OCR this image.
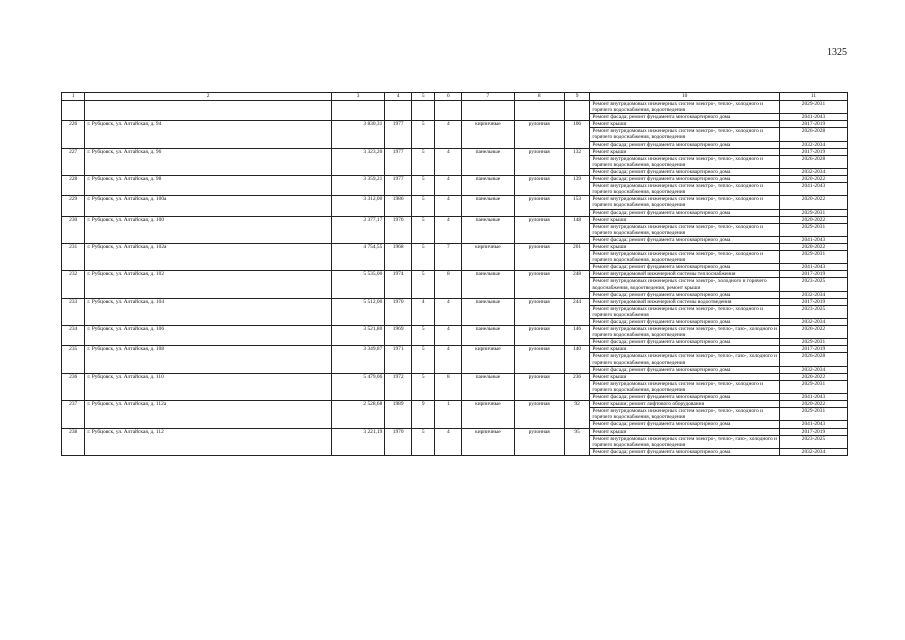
1325
1	2	3	4	5	6	7	8	9	10	11
									Ремонт внутридомовых инженерных систем электро-, тепло-, холодного и горячего водоснабжения, водоотведения	2029-2031
									Ремонт фасада; ремонт фундамента многоквартирного дома	2041-2043
226	г. Рубцовск, ул. Алтайская, д. 94	3 830,31	1977	5	4	кирпичные	рулонная	106	Ремонт крыши	2017-2019
									Ремонт внутридомовых инженерных систем электро-, тепло-, холодного и горячего водоснабжения, водоотведения	2026-2028
									Ремонт фасада; ремонт фундамента многоквартирного дома	2032-2034
227	г. Рубцовск, ул. Алтайская, д. 96	3 323,20	1977	5	4	панельные	рулонная	132	Ремонт крыши	2017-2019
									Ремонт внутридомовых инженерных систем электро-, тепло-, холодного и горячего водоснабжения, водоотведения	2026-2028
									Ремонт фасада; ремонт фундамента многоквартирного дома	2032-2034
228	г. Рубцовск, ул. Алтайская, д. 98	3 359,21	1977	5	4	панельные	рулонная	139	Ремонт фасада; ремонт фундамента многоквартирного дома	2020-2022
									Ремонт внутридомовых инженерных систем электро-, тепло-, холодного и горячего водоснабжения, водоотведения	2041-2043
229	г. Рубцовск, ул. Алтайская, д. 100а	3 312,00	1986	5	4	панельные	рулонная	153	Ремонт внутридомовых инженерных систем электро-, тепло-, холодного и горячего водоснабжения, водоотведения	2020-2022
									Ремонт фасада; ремонт фундамента многоквартирного дома	2029-2031
230	г. Рубцовск, ул. Алтайская, д. 100	3 377,17	1976	5	4	панельные	рулонная	148	Ремонт крыши	2020-2022
									Ремонт внутридомовых инженерных систем электро-, тепло-, холодного и горячего водоснабжения, водоотведения	2029-2031
									Ремонт фасада; ремонт фундамента многоквартирного дома	2041-2043
231	г. Рубцовск, ул. Алтайская, д. 102а	4 754,55	1968	5	7	кирпичные	рулонная	201	Ремонт крыши	2020-2022
									Ремонт внутридомовых инженерных систем электро-, тепло-, холодного и горячего водоснабжения, водоотведения	2029-2031
									Ремонт фасада; ремонт фундамента многоквартирного дома	2041-2043
232	г. Рубцовск, ул. Алтайская, д. 102	5 535,00	1974	5	8	панельные	рулонная	248	Ремонт внутридомовой инженерной системы теплоснабжения	2017-2019
									Ремонт внутридомовых инженерных систем электро-, холодного и горячего водоснабжения, водоотведения, ремонт крыши	2023-2025
									Ремонт фасада; ремонт фундамента многоквартирного дома	2032-2034
233	г. Рубцовск, ул. Алтайская, д. 104	5 512,00	1970	4	4	панельные	рулонная	244	Ремонт внутридомовой инженерной системы водоотведения	2017-2019
									Ремонт внутридомовых инженерных систем электро-, тепло-, холодного и горячего водоснабжения	2023-2025
									Ремонт фасада; ремонт фундамента многоквартирного дома	2032-2034
234	г. Рубцовск, ул. Алтайская, д. 106	3 521,80	1969	5	4	панельные	рулонная	146	Ремонт внутридомовых инженерных систем электро-, тепло-, газо-, холодного и горячего водоснабжения, водоотведения	2020-2022
									Ремонт фасада; ремонт фундамента многоквартирного дома	2029-2031
235	г. Рубцовск, ул. Алтайская, д. 108	3 349,87	1971	5	4	кирпичные	рулонная	140	Ремонт крыши	2017-2019
									Ремонт внутридомовых инженерных систем электро-, тепло-, газо-, холодного и горячего водоснабжения, водоотведения	2026-2028
									Ремонт фасада; ремонт фундамента многоквартирного дома	2032-2034
236	г. Рубцовск, ул. Алтайская, д. 110	5 479,06	1972	5	8	панельные	рулонная	236	Ремонт крыши	2020-2022
									Ремонт внутридомовых инженерных систем электро-, тепло-, холодного и горячего водоснабжения, водоотведения	2029-2031
									Ремонт фасада; ремонт фундамента многоквартирного дома	2041-2043
237	г. Рубцовск, ул. Алтайская, д. 112а	2 528,68	1989	9	1	кирпичные	рулонная	92	Ремонт крыши; ремонт лифтового оборудования	2020-2022
									Ремонт внутридомовых инженерных систем электро-, тепло-, холодного и горячего водоснабжения, водоотведения	2029-2031
									Ремонт фасада; ремонт фундамента многоквартирного дома	2041-2043
238	г. Рубцовск, ул. Алтайская, д. 112	3 221,19	1970	5	4	кирпичные	рулонная	95	Ремонт крыши	2017-2019
									Ремонт внутридомовых инженерных систем электро-, тепло-, газо-, холодного и горячего водоснабжения, водоотведения	2023-2025
									Ремонт фасада; ремонт фундамента многоквартирного дома	2032-2034
